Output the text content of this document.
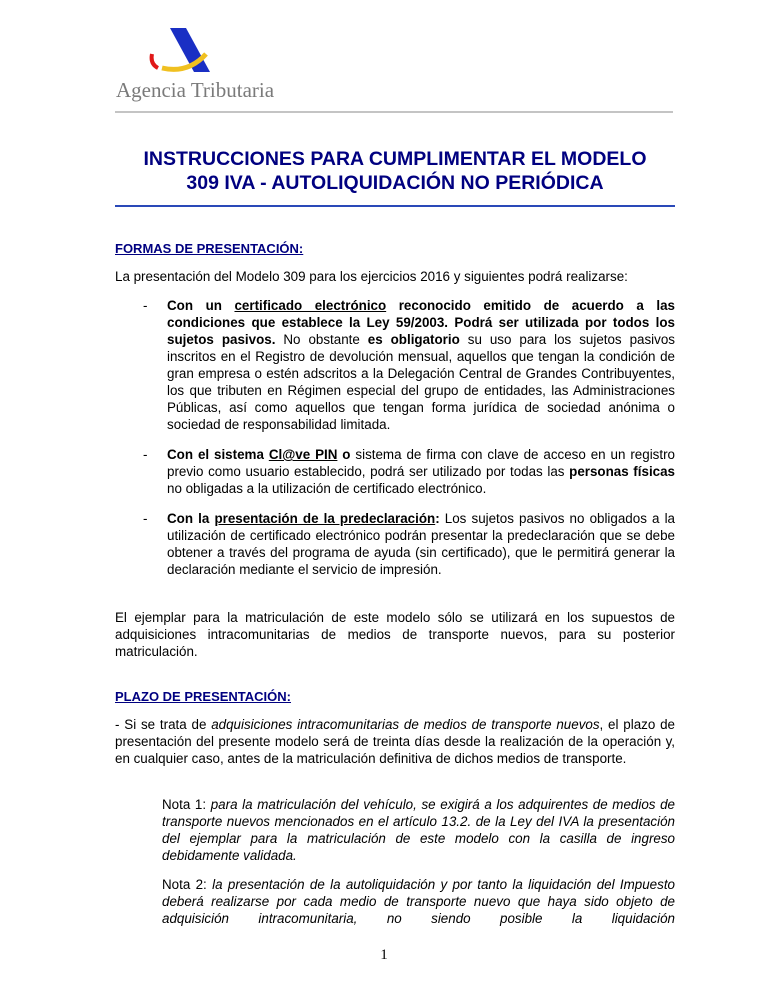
Agencia Tributaria
INSTRUCCIONES PARA CUMPLIMENTAR EL MODELO
309 IVA - AUTOLIQUIDACIÓN NO PERIÓDICA
FORMAS DE PRESENTACIÓN:
La presentación del Modelo 309 para los ejercicios 2016 y siguientes podrá realizarse:
- Con un certificado electrónico reconocido emitido de acuerdo a las condiciones que establece la Ley 59/2003. Podrá ser utilizada por todos los sujetos pasivos. No obstante es obligatorio su uso para los sujetos pasivos inscritos en el Registro de devolución mensual, aquellos que tengan la condición de gran empresa o estén adscritos a la Delegación Central de Grandes Contribuyentes, los que tributen en Régimen especial del grupo de entidades, las Administraciones Públicas, así como aquellos que tengan forma jurídica de sociedad anónima o sociedad de responsabilidad limitada.
- Con el sistema Cl@ve PIN o sistema de firma con clave de acceso en un registro previo como usuario establecido, podrá ser utilizado por todas las personas físicas no obligadas a la utilización de certificado electrónico.
- Con la presentación de la predeclaración: Los sujetos pasivos no obligados a la utilización de certificado electrónico podrán presentar la predeclaración que se debe obtener a través del programa de ayuda (sin certificado), que le permitirá generar la declaración mediante el servicio de impresión.
El ejemplar para la matriculación de este modelo sólo se utilizará en los supuestos de adquisiciones intracomunitarias de medios de transporte nuevos, para su posterior matriculación.
PLAZO DE PRESENTACIÓN:
- Si se trata de adquisiciones intracomunitarias de medios de transporte nuevos, el plazo de presentación del presente modelo será de treinta días desde la realización de la operación y, en cualquier caso, antes de la matriculación definitiva de dichos medios de transporte.
Nota 1: para la matriculación del vehículo, se exigirá a los adquirentes de medios de transporte nuevos mencionados en el artículo 13.2. de la Ley del IVA la presentación del ejemplar para la matriculación de este modelo con la casilla de ingreso debidamente validada.
Nota 2: la presentación de la autoliquidación y por tanto la liquidación del Impuesto deberá realizarse por cada medio de transporte nuevo que haya sido objeto de adquisición intracomunitaria, no siendo posible la liquidación
1
